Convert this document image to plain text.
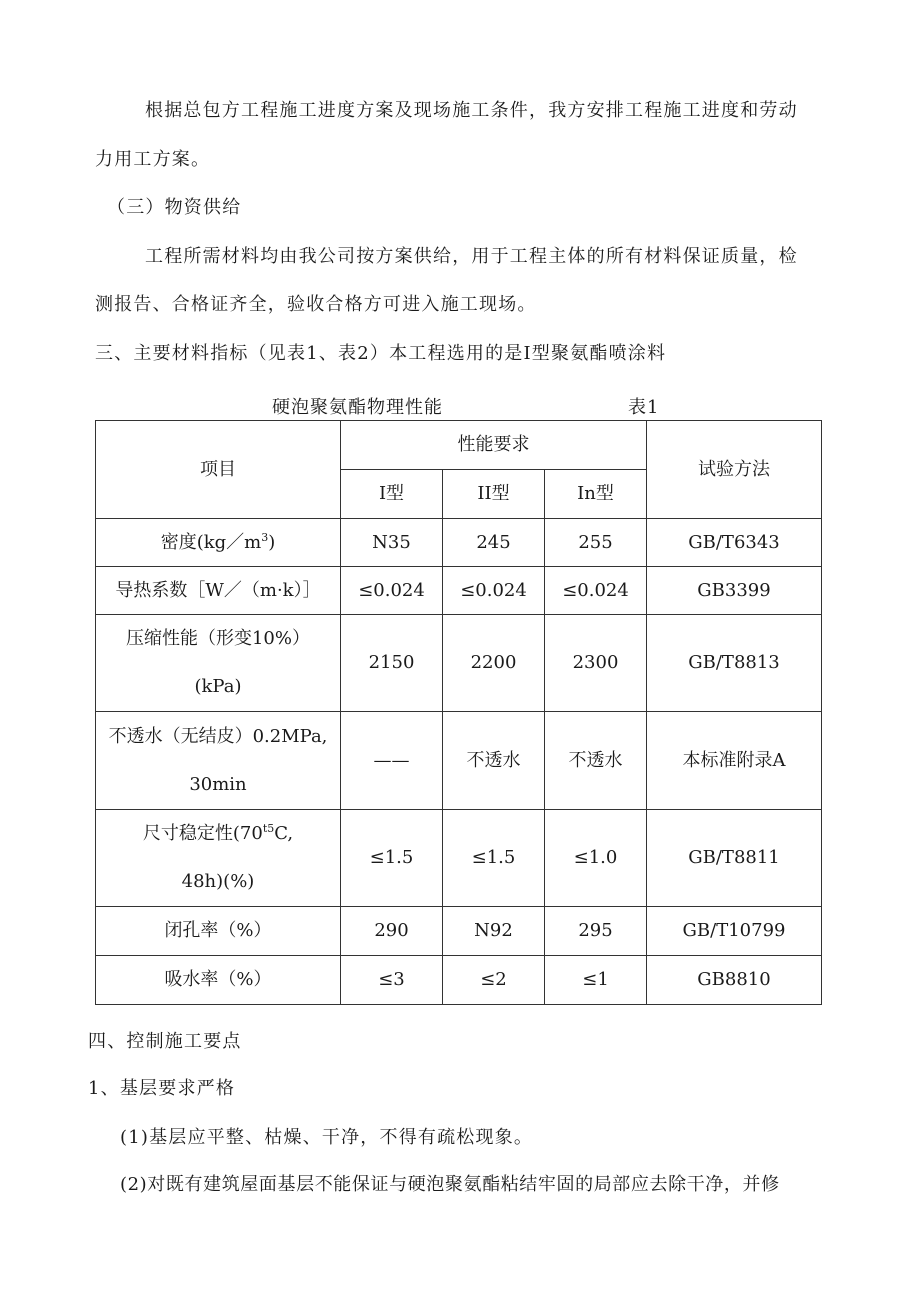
根据总包方工程施工进度方案及现场施工条件，我方安排工程施工进度和劳动
力用工方案。
（三）物资供给
工程所需材料均由我公司按方案供给，用于工程主体的所有材料保证质量，检
测报告、合格证齐全，验收合格方可进入施工现场。
三、主要材料指标（见表1、表2）本工程选用的是Ⅰ型聚氨酯喷涂料
硬泡聚氨酯物理性能	表1
项目	性能要求			试验方法
	Ⅰ型	II型	In型	
密度$(kg/m^3)$	N35	245	255	GB/T6343
导热系数［W／（m·k）］	≤0.024	≤0.024	≤0.024	GB3399
压缩性能（形变10%）
(kPa)	2150	2200	2300	GB/T8813
不透水（无结皮）0.2MPa,
30min	——	不透水	不透水	本标准附录A
尺寸稳定性($70^{t5}C$,
48h)(%)	≤1.5	≤1.5	≤1.0	GB/T8811
闭孔率（%）	290	N92	295	GB/T10799
吸水率（%）	≤3	≤2	≤1	GB8810
四、控制施工要点
1、基层要求严格
(1)基层应平整、枯燥、干净，不得有疏松现象。
(2)对既有建筑屋面基层不能保证与硬泡聚氨酯粘结牢固的局部应去除干净，并修
